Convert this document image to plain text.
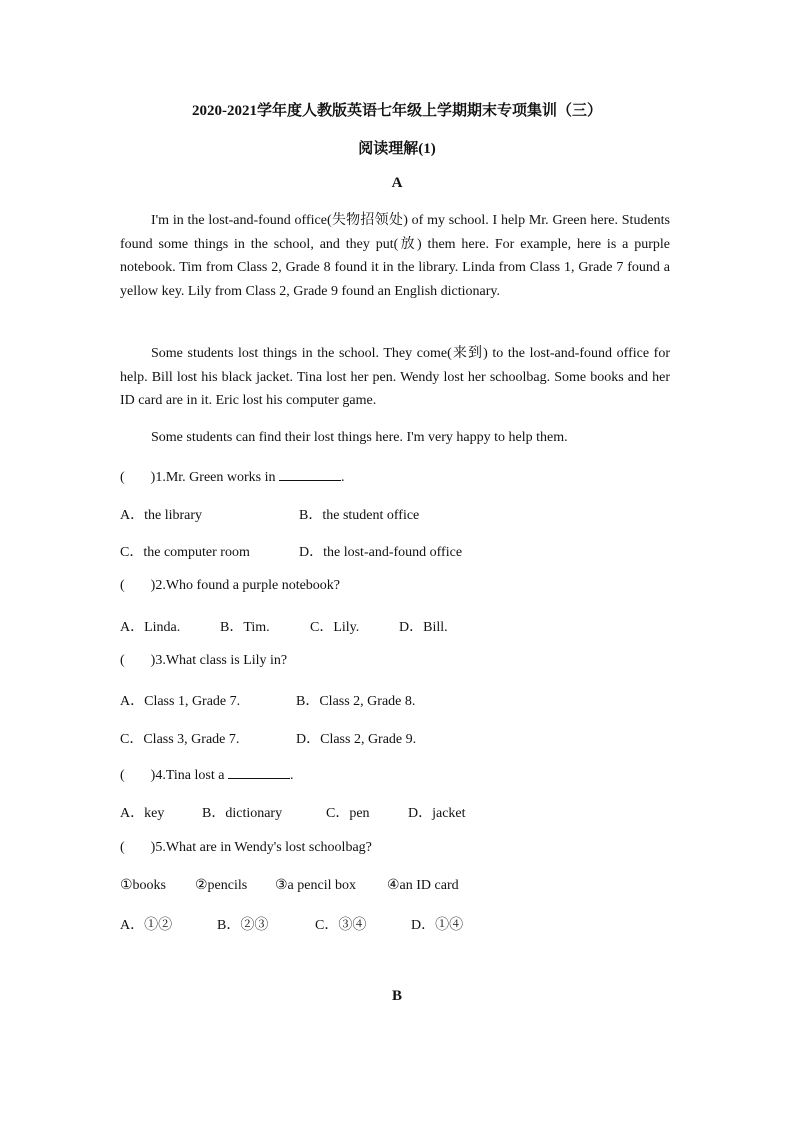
2020-2021学年度人教版英语七年级上学期期末专项集训（三）
阅读理解(1)
A

I'm in the lost-and-found office(失物招领处) of my school. I help Mr. Green here. Students found some things in the school, and they put(放) them here. For example, here is a purple notebook. Tim from Class 2, Grade 8 found it in the library. Linda from Class 1, Grade 7 found a yellow key. Lily from Class 2, Grade 9 found an English dictionary.

Some students lost things in the school. They come(来到) to the lost-and-found office for help. Bill lost his black jacket. Tina lost her pen. Wendy lost her schoolbag. Some books and her ID card are in it. Eric lost his computer game.

Some students can find their lost things here. I'm very happy to help them.

( )1.Mr. Green works in	.
A．the library	B．the student office
C．the computer room	D．the lost-and-found office
( )2.Who found a purple notebook?
A．Linda.	B．Tim.	C．Lily.	D．Bill.
( )3.What class is Lily in?
A．Class 1, Grade 7.	B．Class 2, Grade 8.
C．Class 3, Grade 7.	D．Class 2, Grade 9.
( )4.Tina lost a	.
A．key	B．dictionary	C．pen	D．jacket
( )5.What are in Wendy's lost schoolbag?
①books ②pencils ③a pencil box ④an ID card
A．①②	B．②③	C．③④	D．①④
B
